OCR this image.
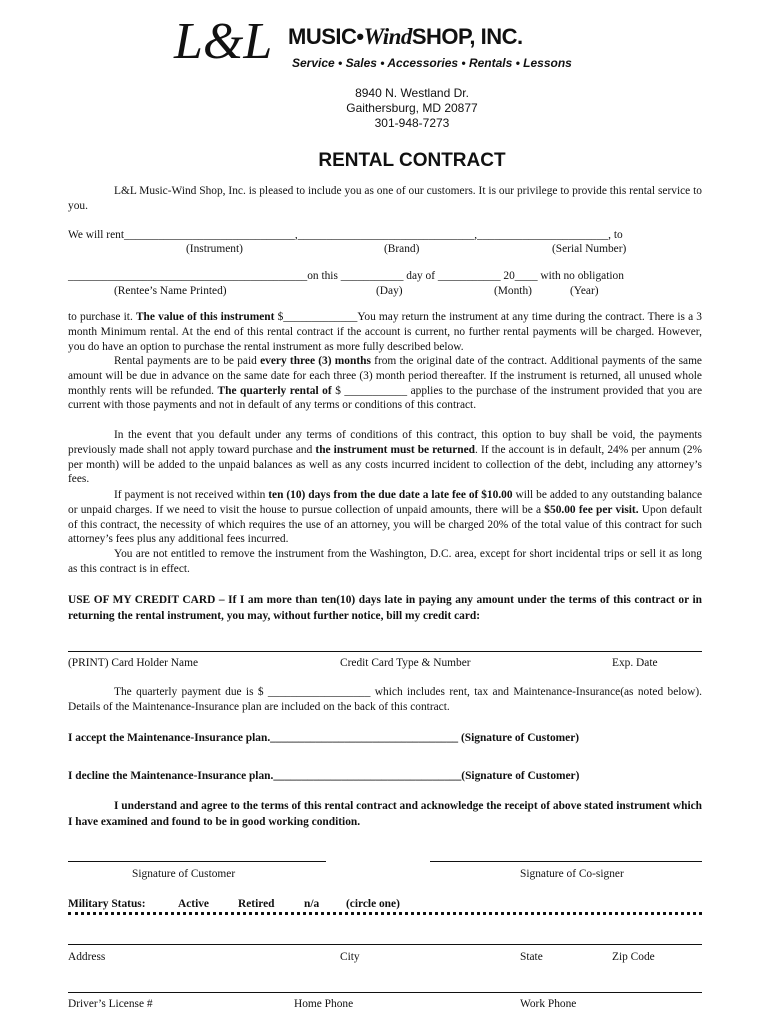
L&L MUSIC•WindSHOP, INC.
Service • Sales • Accessories • Rentals • Lessons
8940 N. Westland Dr.
Gaithersburg, MD 20877
301-948-7273
RENTAL CONTRACT
L&L Music-Wind Shop, Inc. is pleased to include you as one of our customers. It is our privilege to provide this rental service to you.
We will rent______________________________,_______________________________,_______________________, to
(Instrument)	(Brand)	(Serial Number)
__________________________________________on this ___________ day of ___________ 20____ with no obligation
(Rentee’s Name Printed)	(Day)	(Month)	(Year)
to purchase it. The value of this instrument $_____________You may return the instrument at any time during the contract. There is a 3 month Minimum rental. At the end of this rental contract if the account is current, no further rental payments will be charged. However, you do have an option to purchase the rental instrument as more fully described below.
Rental payments are to be paid every three (3) months from the original date of the contract. Additional payments of the same amount will be due in advance on the same date for each three (3) month period thereafter. If the instrument is returned, all unused whole monthly rents will be refunded. The quarterly rental of $ ___________ applies to the purchase of the instrument provided that you are current with those payments and not in default of any terms or conditions of this contract.
In the event that you default under any terms of conditions of this contract, this option to buy shall be void, the payments previously made shall not apply toward purchase and the instrument must be returned. If the account is in default, 24% per annum (2% per month) will be added to the unpaid balances as well as any costs incurred incident to collection of the debt, including any attorney’s fees.
If payment is not received within ten (10) days from the due date a late fee of $10.00 will be added to any outstanding balance or unpaid charges. If we need to visit the house to pursue collection of unpaid amounts, there will be a $50.00 fee per visit. Upon default of this contract, the necessity of which requires the use of an attorney, you will be charged 20% of the total value of this contract for such attorney’s fees plus any additional fees incurred.
You are not entitled to remove the instrument from the Washington, D.C. area, except for short incidental trips or sell it as long as this contract is in effect.
USE OF MY CREDIT CARD – If I am more than ten(10) days late in paying any amount under the terms of this contract or in returning the rental instrument, you may, without further notice, bill my credit card:
(PRINT) Card Holder Name	Credit Card Type & Number	Exp. Date
The quarterly payment due is $ __________________ which includes rent, tax and Maintenance-Insurance(as noted below). Details of the Maintenance-Insurance plan are included on the back of this contract.
I accept the Maintenance-Insurance plan._________________________________ (Signature of Customer)
I decline the Maintenance-Insurance plan._________________________________(Signature of Customer)
I understand and agree to the terms of this rental contract and acknowledge the receipt of above stated instrument which I have examined and found to be in good working condition.
Signature of Customer	Signature of Co-signer
Military Status:	Active	Retired	n/a (circle one)
Address	City	State	Zip Code
Driver’s License #	Home Phone	Work Phone
